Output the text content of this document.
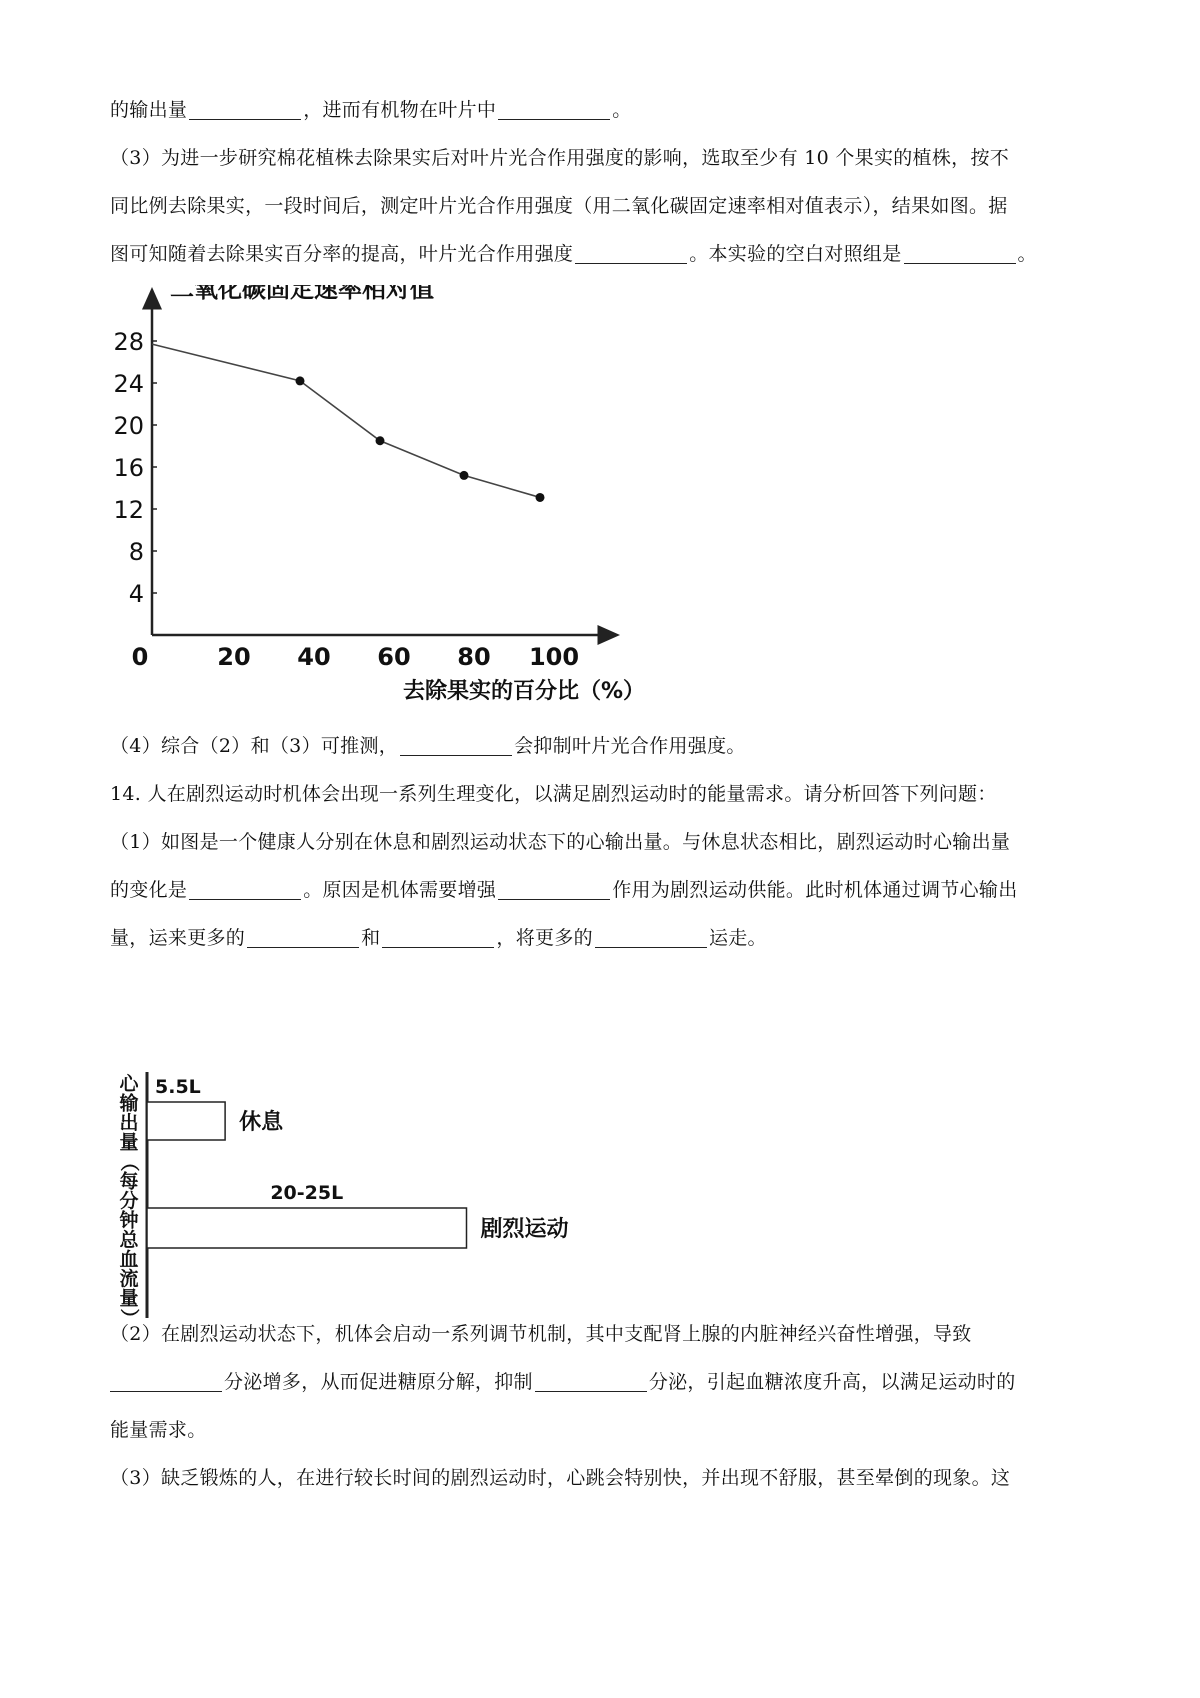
的输出量	，进而有机物在叶片中	。

（3）为进一步研究棉花植株去除果实后对叶片光合作用强度的影响，选取至少有 10 个果实的植株，按不

同比例去除果实，一段时间后，测定叶片光合作用强度（用二氧化碳固定速率相对值表示），结果如图。据

图可知随着去除果实百分率的提高，叶片光合作用强度	。本实验的空白对照组是	。

二氧化碳固定速率相对值
去除果实的百分比（%）
4
8
12
16
20
24
28
0	20 40 60 80 100

（4）综合（2）和（3）可推测，	会抑制叶片光合作用强度。

14. 人在剧烈运动时机体会出现一系列生理变化，以满足剧烈运动时的能量需求。请分析回答下列问题：

（1）如图是一个健康人分别在休息和剧烈运动状态下的心输出量。与休息状态相比，剧烈运动时心输出量

的变化是	。原因是机体需要增强	作用为剧烈运动供能。此时机体通过调节心输出

量，运来更多的	和	，将更多的	运走。

心
输
出
量
（
每
分
钟
总
血
流
量
）
5.5L
休息
20-25L
剧烈运动

（2）在剧烈运动状态下，机体会启动一系列调节机制，其中支配肾上腺的内脏神经兴奋性增强，导致

分泌增多，从而促进糖原分解，抑制	分泌，引起血糖浓度升高，以满足运动时的

能量需求。

（3）缺乏锻炼的人，在进行较长时间的剧烈运动时，心跳会特别快，并出现不舒服，甚至晕倒的现象。这
